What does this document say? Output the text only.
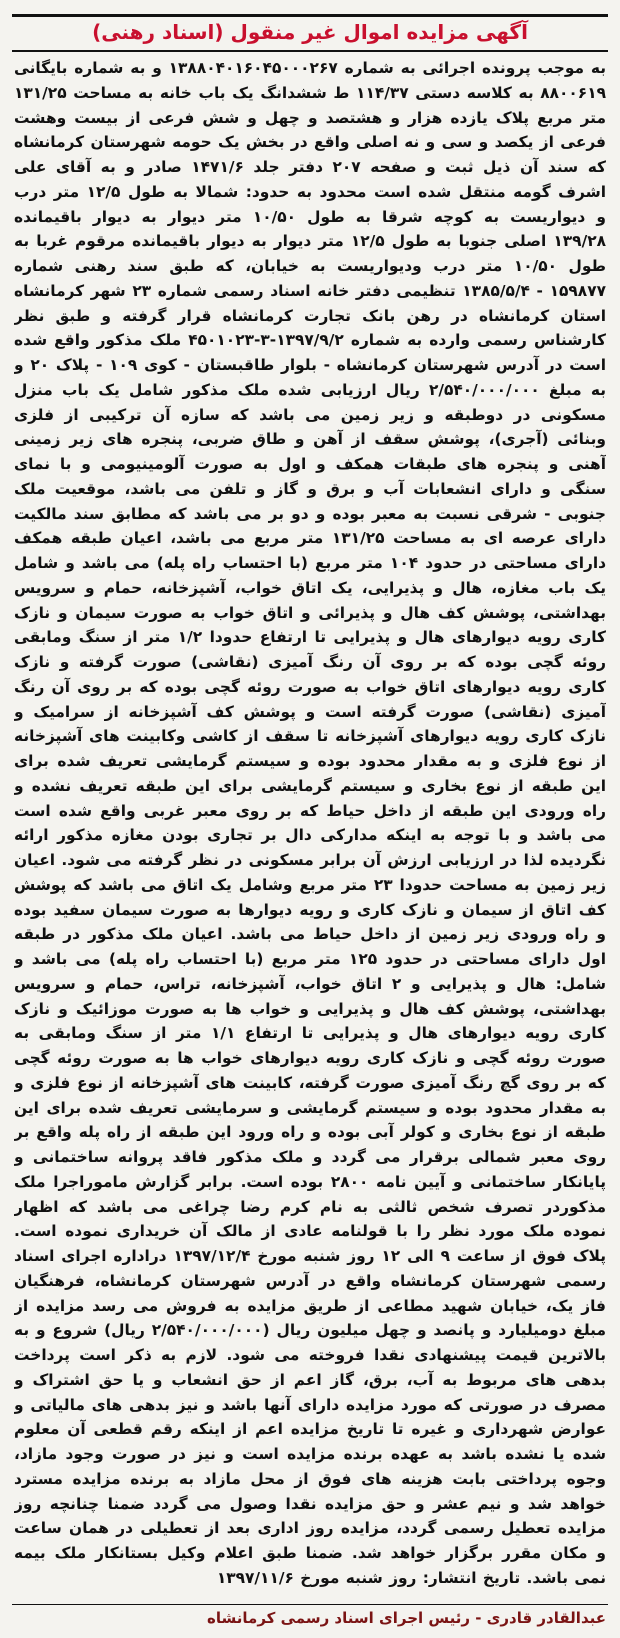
آگهی مزایده اموال غیر منقول (اسناد رهنی)
به موجب پرونده اجرائی به شماره ۱۳۸۸۰۴۰۱۶۰۴۵۰۰۰۲۶۷ و به شماره بایگانی ۸۸۰۰۶۱۹ به کلاسه دستی ۱۱۴/۳۷ ط ششدانگ یک باب خانه به مساحت ۱۳۱/۲۵ متر مربع پلاک یازده هزار و هشتصد و چهل و شش فرعی از بیست وهشت فرعی از یکصد و سی و نه اصلی واقع در بخش یک حومه شهرستان کرمانشاه که سند آن ذیل ثبت و صفحه ۲۰۷ دفتر جلد ۱۴۷۱/۶ صادر و به آقای علی اشرف گومه منتقل شده است محدود به حدود: شمالا به طول ۱۲/۵ متر درب و دیواریست به کوچه شرقا به طول ۱۰/۵۰ متر دیوار به دیوار باقیمانده ۱۳۹/۲۸ اصلی جنوبا به طول ۱۲/۵ متر دیوار به دیوار باقیمانده مرقوم غربا به طول ۱۰/۵۰ متر درب ودیواریست به خیابان، که طبق سند رهنی شماره ۱۵۹۸۷۷ - ۱۳۸۵/۵/۴ تنظیمی دفتر خانه اسناد رسمی شماره ۲۳ شهر کرمانشاه استان کرمانشاه در رهن بانک تجارت کرمانشاه قرار گرفته و طبق نظر کارشناس رسمی وارده به شماره ۱۳۹۷/۹/۲-۳-۴۵۰۱۰۲۳ ملک مذکور واقع شده است در آدرس شهرستان کرمانشاه - بلوار طاقبستان - کوی ۱۰۹ - پلاک ۲۰ و به مبلغ ۲/۵۴۰/۰۰۰/۰۰۰ ریال ارزیابی شده ملک مذکور شامل یک باب منزل مسکونی در دوطبقه و زیر زمین می باشد که سازه آن ترکیبی از فلزی وبنائی (آجری)، پوشش سقف از آهن و طاق ضربی، پنجره های زیر زمینی آهنی و پنجره های طبقات همکف و اول به صورت آلومینیومی و با نمای سنگی و دارای انشعابات آب و برق و گاز و تلفن می باشد، موقعیت ملک جنوبی - شرقی نسبت به معبر بوده و دو بر می باشد که مطابق سند مالکیت دارای عرصه ای به مساحت ۱۳۱/۲۵ متر مربع می باشد، اعیان طبقه همکف دارای مساحتی در حدود ۱۰۴ متر مربع (با احتساب راه پله) می باشد و شامل یک باب مغازه، هال و پذیرایی، یک اتاق خواب، آشپزخانه، حمام و سرویس بهداشتی، پوشش کف هال و پذیرائی و اتاق خواب به صورت سیمان و نازک کاری رویه دیوارهای هال و پذیرایی تا ارتفاع حدودا ۱/۲ متر از سنگ ومابقی روئه گچی بوده که بر روی آن رنگ آمیزی (نقاشی) صورت گرفته و نازک کاری رویه دیوارهای اتاق خواب به صورت روئه گچی بوده که بر روی آن رنگ آمیزی (نقاشی) صورت گرفته است و پوشش کف آشپزخانه از سرامیک و نازک کاری رویه دیوارهای آشپزخانه تا سقف از کاشی وکابینت های آشپزخانه از نوع فلزی و به مقدار محدود بوده و سیستم گرمایشی تعریف شده برای این طبقه از نوع بخاری و سیستم گرمایشی برای این طبقه تعریف نشده و راه ورودی این طبقه از داخل حیاط که بر روی معبر غربی واقع شده است می باشد و با توجه به اینکه مدارکی دال بر تجاری بودن مغازه مذکور ارائه نگردیده لذا در ارزیابی ارزش آن برابر مسکونی در نظر گرفته می شود. اعیان زیر زمین به مساحت حدودا ۲۳ متر مربع وشامل یک اتاق می باشد که پوشش کف اتاق از سیمان و نازک کاری و رویه دیوارها به صورت سیمان سفید بوده و راه ورودی زیر زمین از داخل حیاط می باشد. اعیان ملک مذکور در طبقه اول دارای مساحتی در حدود ۱۲۵ متر مربع (با احتساب راه پله) می باشد و شامل: هال و پذیرایی و ۲ اتاق خواب، آشپزخانه، تراس، حمام و سرویس بهداشتی، پوشش کف هال و پذیرایی و خواب ها به صورت موزائیک و نازک کاری رویه دیوارهای هال و پذیرایی تا ارتفاع ۱/۱ متر از سنگ ومابقی به صورت روئه گچی و نازک کاری رویه دیوارهای خواب ها به صورت روئه گچی که بر روی گچ رنگ آمیزی صورت گرفته، کابینت های آشپزخانه از نوع فلزی و به مقدار محدود بوده و سیستم گرمایشی و سرمایشی تعریف شده برای این طبقه از نوع بخاری و کولر آبی بوده و راه ورود این طبقه از راه پله واقع بر روی معبر شمالی برقرار می گردد و ملک مذکور فاقد پروانه ساختمانی و پایانکار ساختمانی و آیین نامه ۲۸۰۰ بوده است. برابر گزارش ماموراجرا ملک مذکوردر تصرف شخص ثالثی به نام کرم رضا چراغی می باشد که اظهار نموده ملک مورد نظر را با قولنامه عادی از مالک آن خریداری نموده است. پلاک فوق از ساعت ۹ الی ۱۲ روز شنبه مورخ ۱۳۹۷/۱۲/۴ دراداره اجرای اسناد رسمی شهرستان کرمانشاه واقع در آدرس شهرستان کرمانشاه، فرهنگیان فاز یک، خیابان شهید مطاعی از طریق مزایده به فروش می رسد مزایده از مبلغ دومیلیارد و پانصد و چهل میلیون ریال (۲/۵۴۰/۰۰۰/۰۰۰ ریال) شروع و به بالاترین قیمت پیشنهادی نقدا فروخته می شود. لازم به ذکر است پرداخت بدهی های مربوط به آب، برق، گاز اعم از حق انشعاب و یا حق اشتراک و مصرف در صورتی که مورد مزایده دارای آنها باشد و نیز بدهی های مالیاتی و عوارض شهرداری و غیره تا تاریخ مزایده اعم از اینکه رقم قطعی آن معلوم شده یا نشده باشد به عهده برنده مزایده است و نیز در صورت وجود مازاد، وجوه پرداختی بابت هزینه های فوق از محل مازاد به برنده مزایده مسترد خواهد شد و نیم عشر و حق مزایده نقدا وصول می گردد ضمنا چنانچه روز مزایده تعطیل رسمی گردد، مزایده روز اداری بعد از تعطیلی در همان ساعت و مکان مقرر برگزار خواهد شد. ضمنا طبق اعلام وکیل بستانکار ملک بیمه نمی باشد. تاریخ انتشار: روز شنبه مورخ ۱۳۹۷/۱۱/۶
عبدالقادر قادری - رئیس اجرای اسناد رسمی کرمانشاه
